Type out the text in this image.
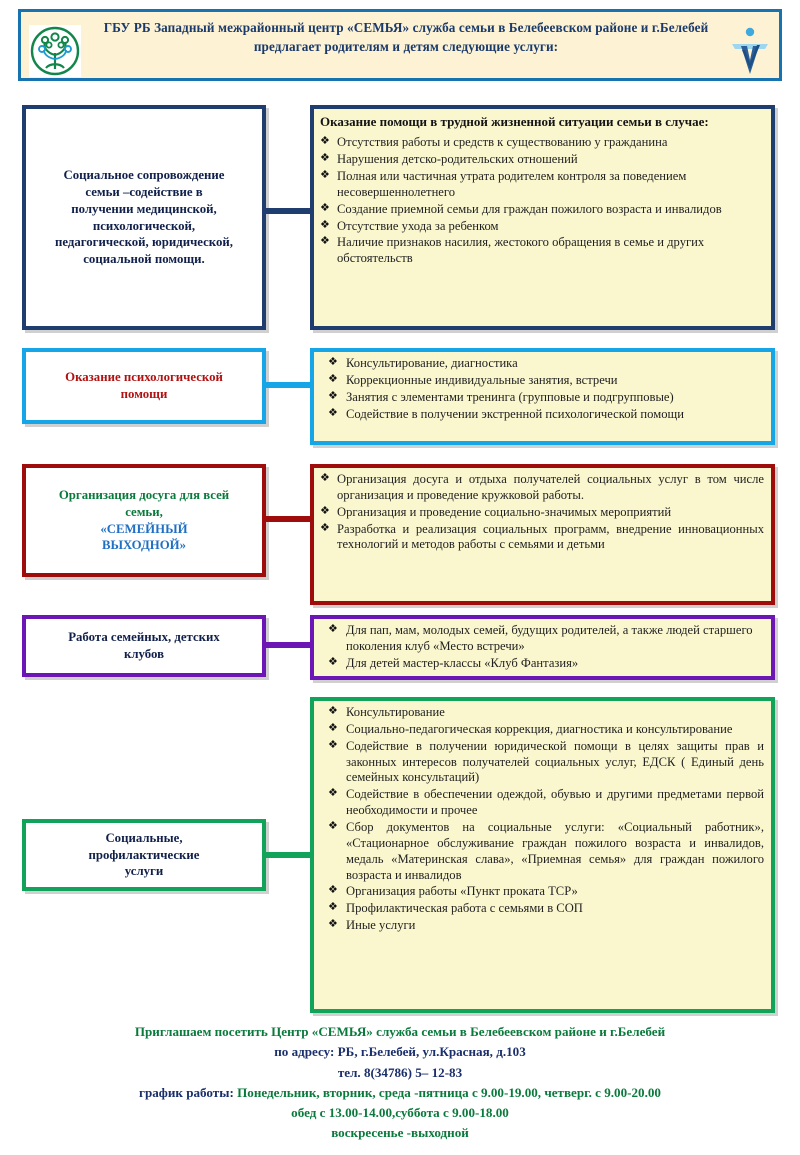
ГБУ РБ Западный межрайонный центр «СЕМЬЯ» служба семьи в Белебеевском районе и г.Белебей
предлагает родителям и детям следующие услуги:
Социальное сопровождение
семьи –содействие в
получении медицинской,
психологической,
педагогической, юридической,
социальной помощи.
Оказание помощи в трудной жизненной ситуации семьи в случае:
❖ Отсутствия работы и средств к существованию у гражданина
❖ Нарушения детско-родительских отношений
❖ Полная или частичная утрата родителем контроля за поведением несовершеннолетнего
❖ Создание приемной семьи для граждан пожилого возраста и инвалидов
❖ Отсутствие ухода за ребенком
❖ Наличие признаков насилия, жестокого обращения в семье и других обстоятельств
Оказание психологической
помощи
❖ Консультирование, диагностика
❖ Коррекционные индивидуальные занятия, встречи
❖ Занятия с элементами тренинга (групповые и подгрупповые)
❖ Содействие в получении экстренной психологической помощи
Организация досуга для всей
семьи,
«СЕМЕЙНЫЙ
ВЫХОДНОЙ»
❖ Организация досуга и отдыха получателей социальных услуг в том числе организация и проведение кружковой работы.
❖ Организация и проведение социально-значимых мероприятий
❖ Разработка и реализация социальных программ, внедрение инновационных технологий и методов работы с семьями и детьми
Работа семейных, детских
клубов
❖ Для пап, мам, молодых семей, будущих родителей, а также людей старшего поколения клуб «Место встречи»
❖ Для детей мастер-классы «Клуб Фантазия»
Социальные,
профилактические
услуги
❖ Консультирование
❖ Социально-педагогическая коррекция, диагностика и консультирование
❖ Содействие в получении юридической помощи в целях защиты прав и законных интересов получателей социальных услуг, ЕДСК ( Единый день семейных консультаций)
❖ Содействие в обеспечении одеждой, обувью и другими предметами первой необходимости и прочее
❖ Сбор документов на социальные услуги: «Социальный работник», «Стационарное обслуживание граждан пожилого возраста и инвалидов, медаль «Материнская слава», «Приемная семья» для граждан пожилого возраста и инвалидов
❖ Организация работы «Пункт проката ТСР»
❖ Профилактическая работа с семьями в СОП
❖ Иные услуги
Приглашаем посетить Центр «СЕМЬЯ» служба семьи в Белебеевском районе и г.Белебей
по адресу: РБ, г.Белебей, ул.Красная, д.103
тел. 8(34786) 5– 12-83
график работы: Понедельник, вторник, среда -пятница с 9.00-19.00, четверг. с 9.00-20.00
обед с 13.00-14.00,суббота с 9.00-18.00
воскресенье -выходной
